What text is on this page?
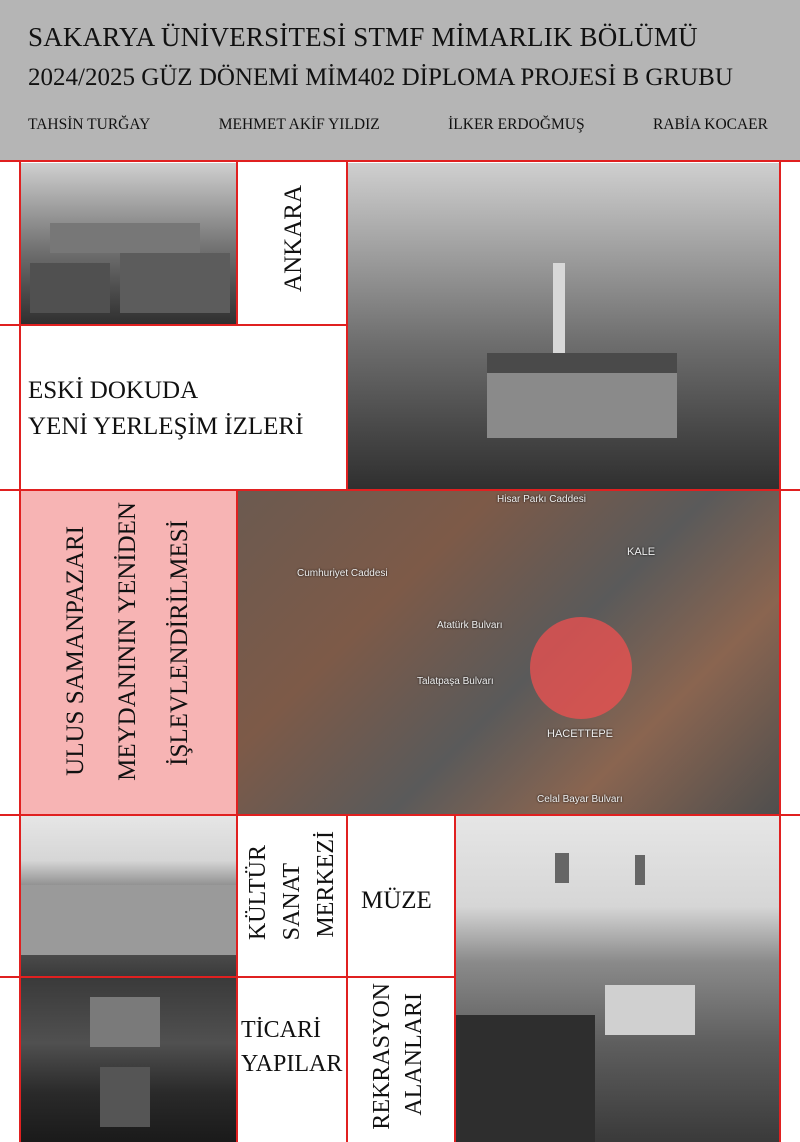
SAKARYA ÜNİVERSİTESİ STMF MİMARLIK BÖLÜMÜ
2024/2025 GÜZ DÖNEMİ MİM402 DİPLOMA PROJESİ B GRUBU
TAHSİN TURĞAY	MEHMET AKİF YILDIZ	İLKER ERDOĞMUŞ	RABİA KOCAER
ANKARA
ESKİ DOKUDA
YENİ YERLEŞİM İZLERİ
ULUS SAMANPAZARI MEYDANININ YENİDEN İŞLEVLENDİRİLMESİ
Hisar Parkı Caddesi
KALE
Cumhuriyet Caddesi
Atatürk Bulvarı
Talatpaşa Bulvarı
HACETTEPE
Celal Bayar Bulvarı
KÜLTÜR SANAT MERKEZİ MÜZE
TİCARİ
YAPILAR REKRASYON ALANLARI
